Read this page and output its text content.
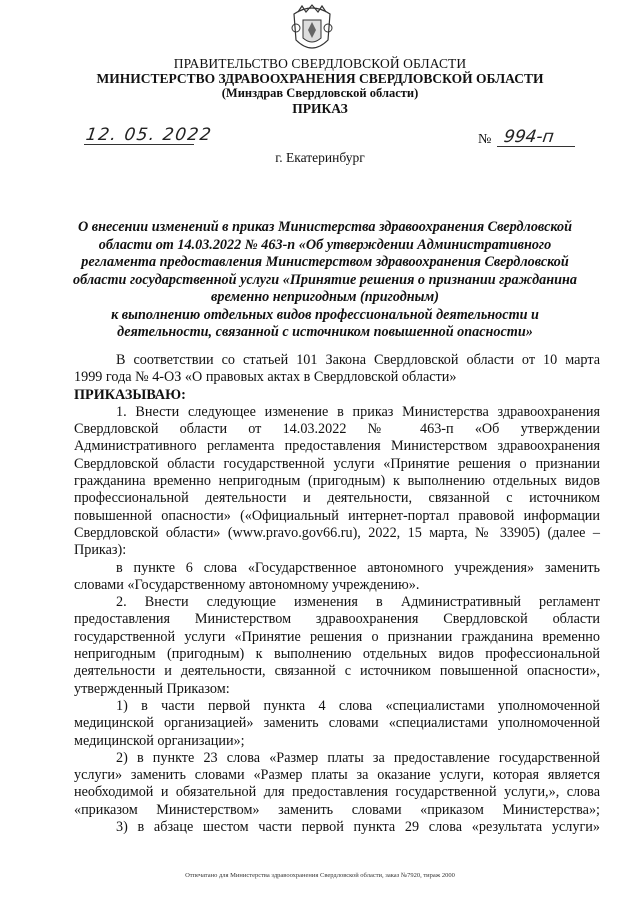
ПРАВИТЕЛЬСТВО СВЕРДЛОВСКОЙ ОБЛАСТИ
МИНИСТЕРСТВО ЗДРАВООХРАНЕНИЯ СВЕРДЛОВСКОЙ ОБЛАСТИ
(Минздрав Свердловской области)
ПРИКАЗ
12. 05. 2022	№ 994-п
г. Екатеринбург
О внесении изменений в приказ Министерства здравоохранения Свердловской
области от 14.03.2022 № 463-п «Об утверждении Административного
регламента предоставления Министерством здравоохранения Свердловской
области государственной услуги «Принятие решения о признании гражданина
временно непригодным (пригодным)
к выполнению отдельных видов профессиональной деятельности и
деятельности, связанной с источником повышенной опасности»
В соответствии со статьей 101 Закона Свердловской области от 10 марта
1999 года № 4-ОЗ «О правовых актах в Свердловской области»
ПРИКАЗЫВАЮ:
1. Внести следующее изменение в приказ Министерства здравоохранения
Свердловской области от 14.03.2022 № 463-п «Об утверждении
Административного регламента предоставления Министерством здравоохранения
Свердловской области государственной услуги «Принятие решения о признании
гражданина временно непригодным (пригодным) к выполнению отдельных видов
профессиональной деятельности и деятельности, связанной с источником
повышенной опасности» («Официальный интернет-портал правовой информации
Свердловской области» (www.pravo.gov66.ru), 2022, 15 марта, № 33905) (далее –
Приказ):
в пункте 6 слова «Государственное автономного учреждения» заменить
словами «Государственному автономному учреждению».
2. Внести следующие изменения в Административный регламент
предоставления Министерством здравоохранения Свердловской области
государственной услуги «Принятие решения о признании гражданина временно
непригодным (пригодным) к выполнению отдельных видов профессиональной
деятельности и деятельности, связанной с источником повышенной опасности»,
утвержденный Приказом:
1) в части первой пункта 4 слова «специалистами уполномоченной
медицинской организацией» заменить словами «специалистами уполномоченной
медицинской организации»;
2) в пункте 23 слова «Размер платы за предоставление государственной
услуги» заменить словами «Размер платы за оказание услуги, которая является
необходимой и обязательной для предоставления государственной услуги,», слова
«приказом Министерством» заменить словами «приказом Министерства»;
3) в абзаце шестом части первой пункта 29 слова «результата услуги»
Отпечатано для Министерства здравоохранения Свердловской области, заказ №7920, тираж 2000
